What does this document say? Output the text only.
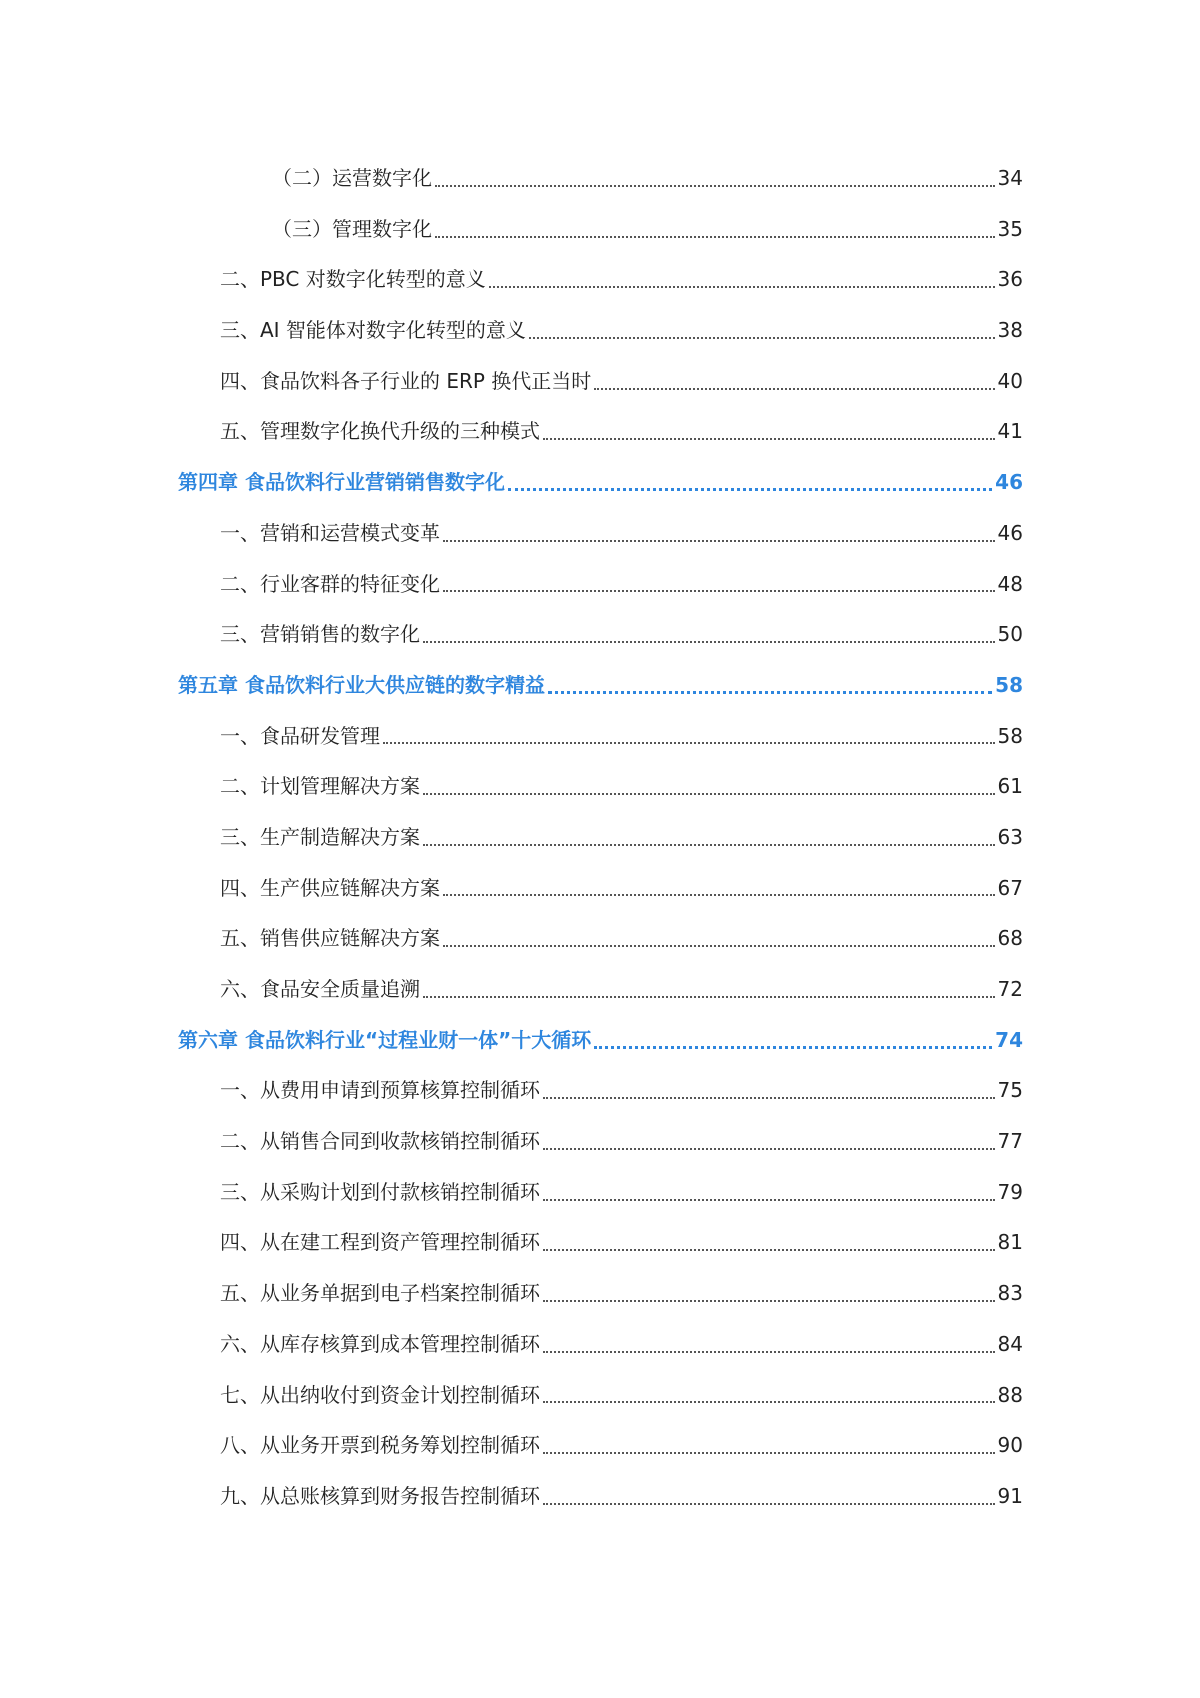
（二）运营数字化	34
（三）管理数字化	35
二、PBC 对数字化转型的意义	36
三、AI 智能体对数字化转型的意义	38
四、食品饮料各子行业的 ERP 换代正当时	40
五、管理数字化换代升级的三种模式	41
第四章 食品饮料行业营销销售数字化	46
一、营销和运营模式变革	46
二、行业客群的特征变化	48
三、营销销售的数字化	50
第五章 食品饮料行业大供应链的数字精益	58
一、食品研发管理	58
二、计划管理解决方案	61
三、生产制造解决方案	63
四、生产供应链解决方案	67
五、销售供应链解决方案	68
六、食品安全质量追溯	72
第六章 食品饮料行业“过程业财一体”十大循环	74
一、从费用申请到预算核算控制循环	75
二、从销售合同到收款核销控制循环	77
三、从采购计划到付款核销控制循环	79
四、从在建工程到资产管理控制循环	81
五、从业务单据到电子档案控制循环	83
六、从库存核算到成本管理控制循环	84
七、从出纳收付到资金计划控制循环	88
八、从业务开票到税务筹划控制循环	90
九、从总账核算到财务报告控制循环	91
